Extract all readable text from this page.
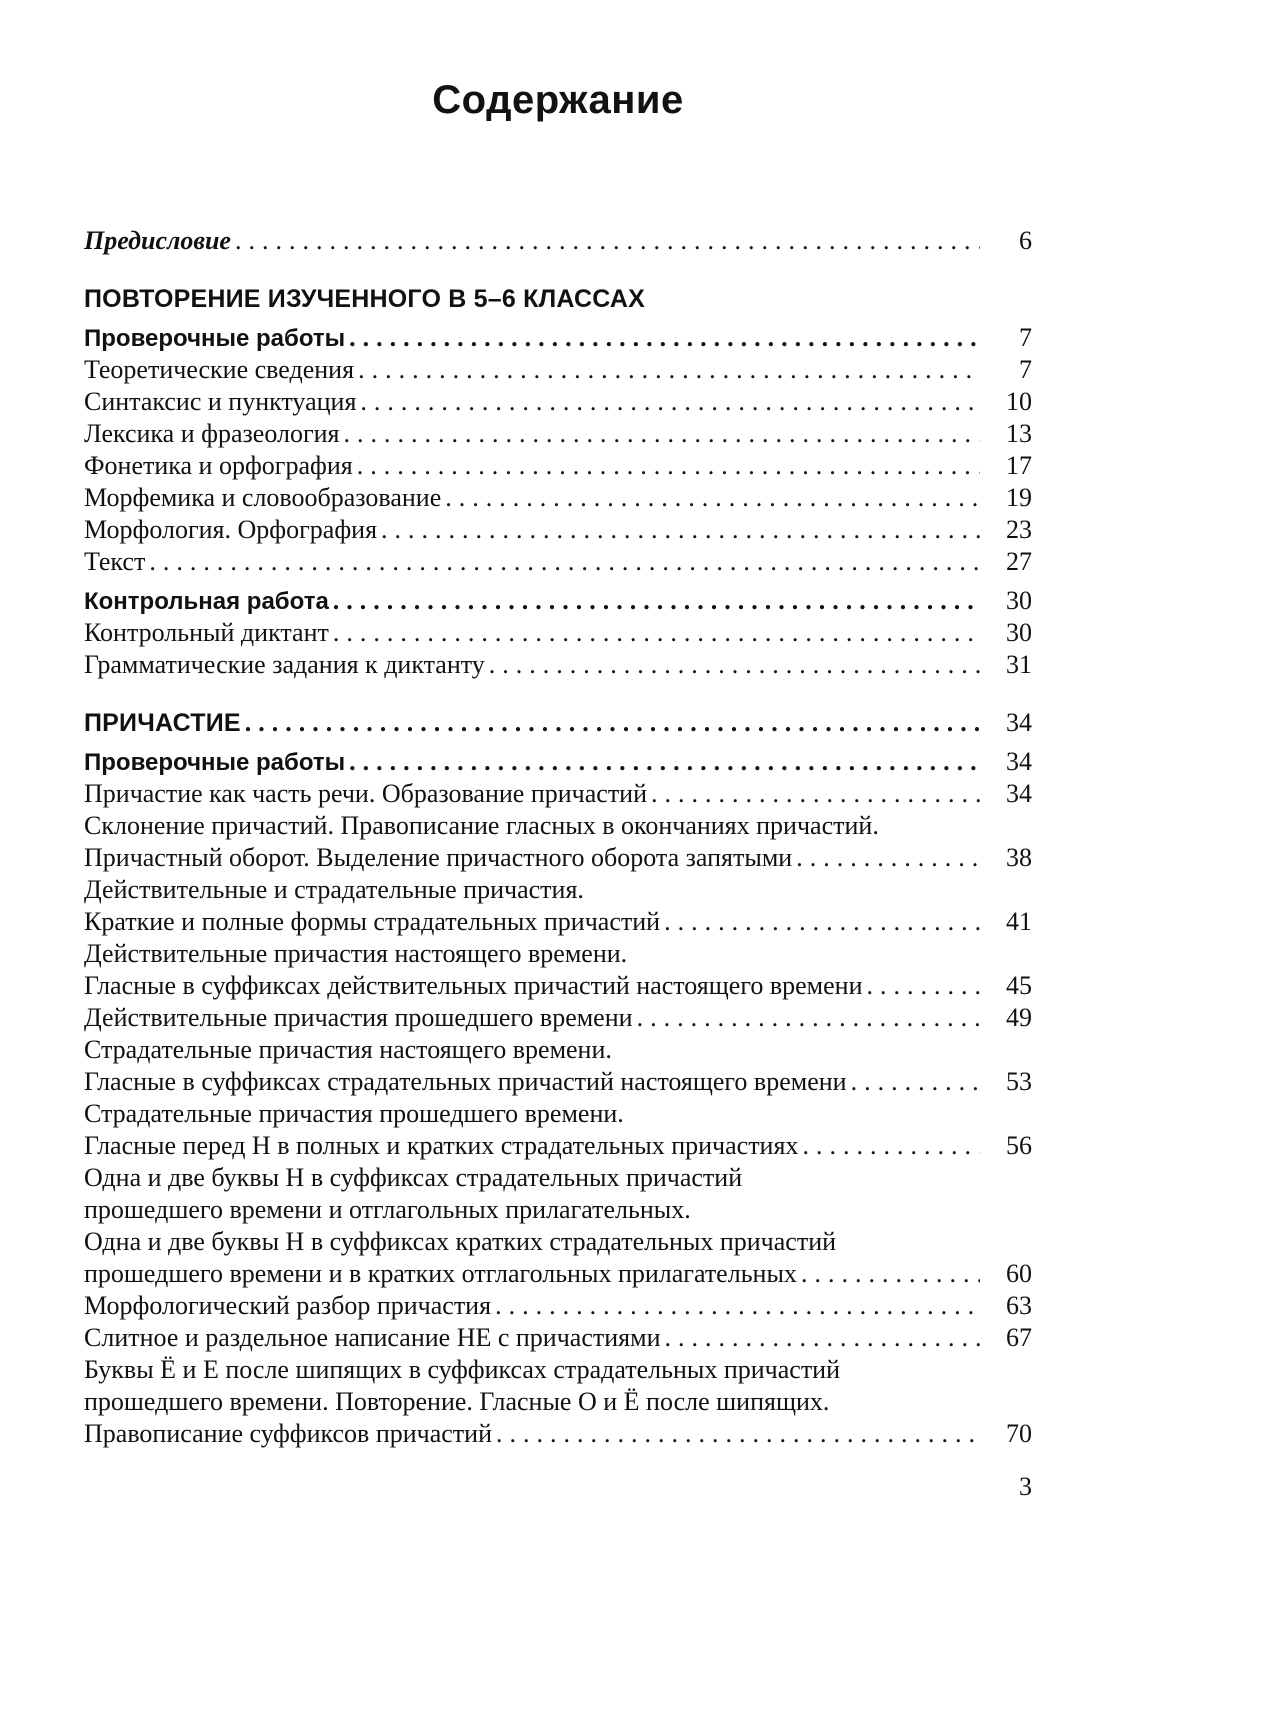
Содержание
Предисловие .....	6
ПОВТОРЕНИЕ ИЗУЧЕННОГО В 5–6 КЛАССАХ
Проверочные работы .....	7
Теоретические сведения .....	7
Синтаксис и пунктуация .....	10
Лексика и фразеология .....	13
Фонетика и орфография .....	17
Морфемика и словообразование .....	19
Морфология. Орфография .....	23
Текст .....	27
Контрольная работа .....	30
Контрольный диктант .....	30
Грамматические задания к диктанту .....	31
ПРИЧАСТИЕ .....	34
Проверочные работы .....	34
Причастие как часть речи. Образование причастий .....	34
Склонение причастий. Правописание гласных в окончаниях причастий.
Причастный оборот. Выделение причастного оборота запятыми .....	38
Действительные и страдательные причастия.
Краткие и полные формы страдательных причастий .....	41
Действительные причастия настоящего времени.
Гласные в суффиксах действительных причастий настоящего времени .....	45
Действительные причастия прошедшего времени .....	49
Страдательные причастия настоящего времени.
Гласные в суффиксах страдательных причастий настоящего времени .....	53
Страдательные причастия прошедшего времени.
Гласные перед Н в полных и кратких страдательных причастиях .....	56
Одна и две буквы Н в суффиксах страдательных причастий
прошедшего времени и отглагольных прилагательных.
Одна и две буквы Н в суффиксах кратких страдательных причастий
прошедшего времени и в кратких отглагольных прилагательных .....	60
Морфологический разбор причастия .....	63
Слитное и раздельное написание НЕ с причастиями .....	67
Буквы Ё и Е после шипящих в суффиксах страдательных причастий
прошедшего времени. Повторение. Гласные О и Ё после шипящих.
Правописание суффиксов причастий .....	70
3
